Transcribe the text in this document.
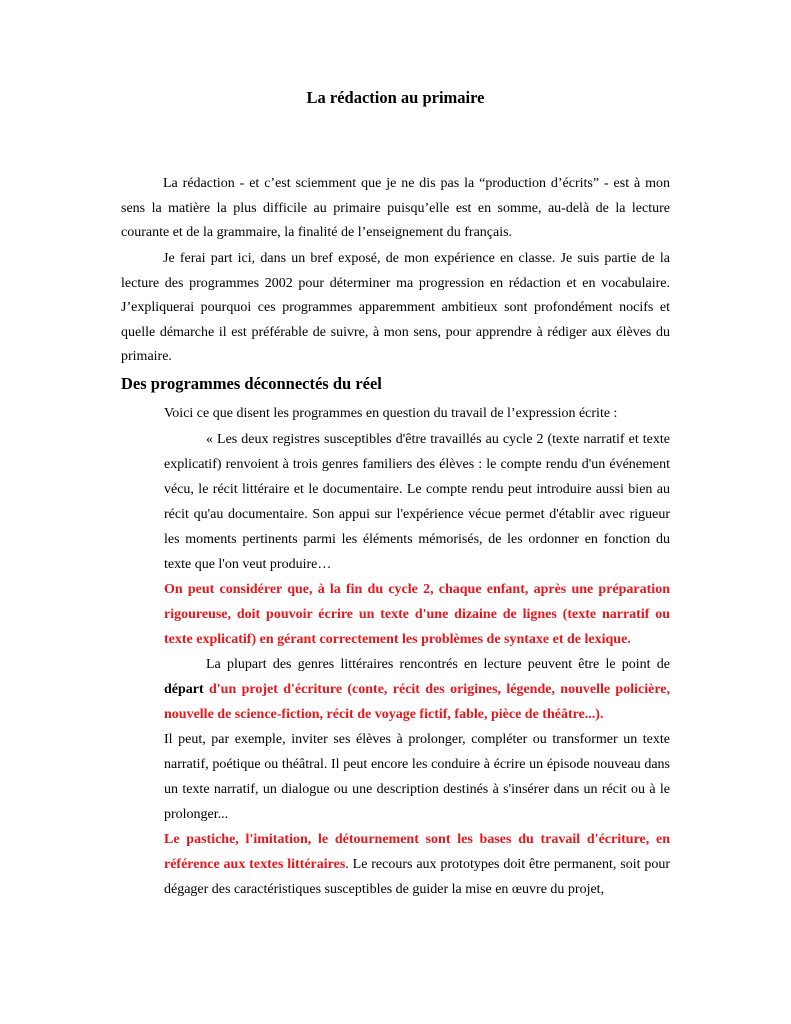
La rédaction au primaire

La rédaction - et c’est sciemment que je ne dis pas la “production d’écrits” - est à mon sens la matière la plus difficile au primaire puisqu’elle est en somme, au-delà de la lecture courante et de la grammaire, la finalité de l’enseignement du français.

Je ferai part ici, dans un bref exposé, de mon expérience en classe. Je suis partie de la lecture des programmes 2002 pour déterminer ma progression en rédaction et en vocabulaire. J’expliquerai pourquoi ces programmes apparemment ambitieux sont profondément nocifs et quelle démarche il est préférable de suivre, à mon sens, pour apprendre à rédiger aux élèves du primaire.

Des programmes déconnectés du réel
Voici ce que disent les programmes en question du travail de l’expression écrite :

« Les deux registres susceptibles d'être travaillés au cycle 2 (texte narratif et texte explicatif) renvoient à trois genres familiers des élèves : le compte rendu d'un événement vécu, le récit littéraire et le documentaire. Le compte rendu peut introduire aussi bien au récit qu'au documentaire. Son appui sur l'expérience vécue permet d'établir avec rigueur les moments pertinents parmi les éléments mémorisés, de les ordonner en fonction du texte que l'on veut produire…

On peut considérer que, à la fin du cycle 2, chaque enfant, après une préparation rigoureuse, doit pouvoir écrire un texte d'une dizaine de lignes (texte narratif ou texte explicatif) en gérant correctement les problèmes de syntaxe et de lexique.

La plupart des genres littéraires rencontrés en lecture peuvent être le point de départ d'un projet d'écriture (conte, récit des origines, légende, nouvelle policière, nouvelle de science-fiction, récit de voyage fictif, fable, pièce de théâtre...).

Il peut, par exemple, inviter ses élèves à prolonger, compléter ou transformer un texte narratif, poétique ou théâtral. Il peut encore les conduire à écrire un épisode nouveau dans un texte narratif, un dialogue ou une description destinés à s'insérer dans un récit ou à le prolonger...

Le pastiche, l'imitation, le détournement sont les bases du travail d'écriture, en référence aux textes littéraires. Le recours aux prototypes doit être permanent, soit pour dégager des caractéristiques susceptibles de guider la mise en œuvre du projet,
